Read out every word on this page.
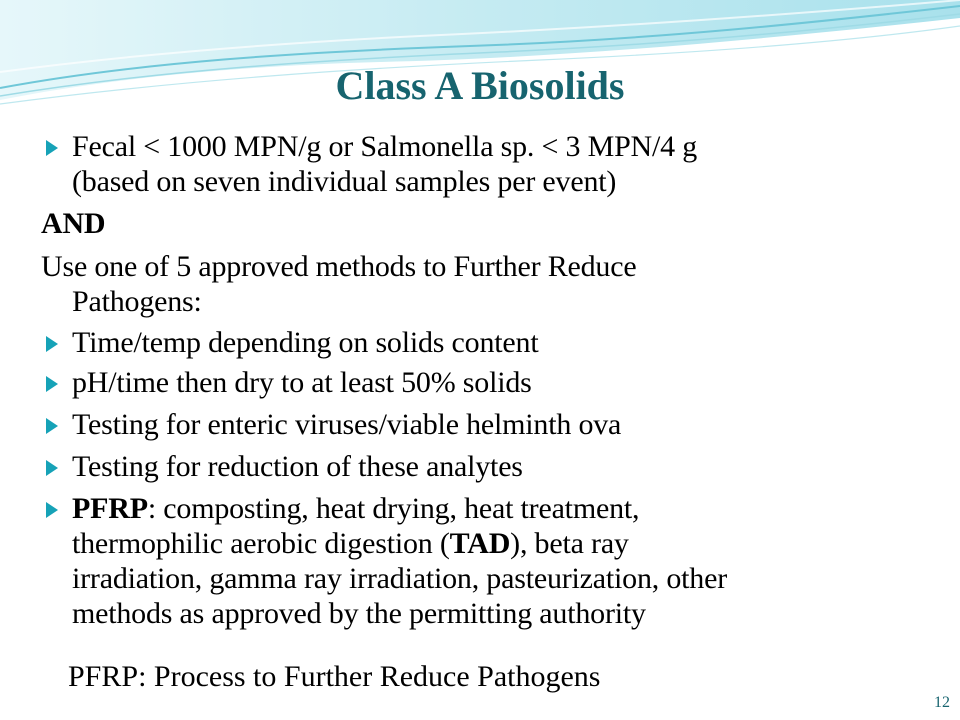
Class A Biosolids
Fecal < 1000 MPN/g or Salmonella sp. < 3 MPN/4 g
(based on seven individual samples per event)
AND
Use one of 5 approved methods to Further Reduce
Pathogens:
Time/temp depending on solids content
pH/time then dry to at least 50% solids
Testing for enteric viruses/viable helminth ova
Testing for reduction of these analytes
PFRP: composting, heat drying, heat treatment,
thermophilic aerobic digestion (TAD), beta ray
irradiation, gamma ray irradiation, pasteurization, other
methods as approved by the permitting authority
PFRP: Process to Further Reduce Pathogens
12
